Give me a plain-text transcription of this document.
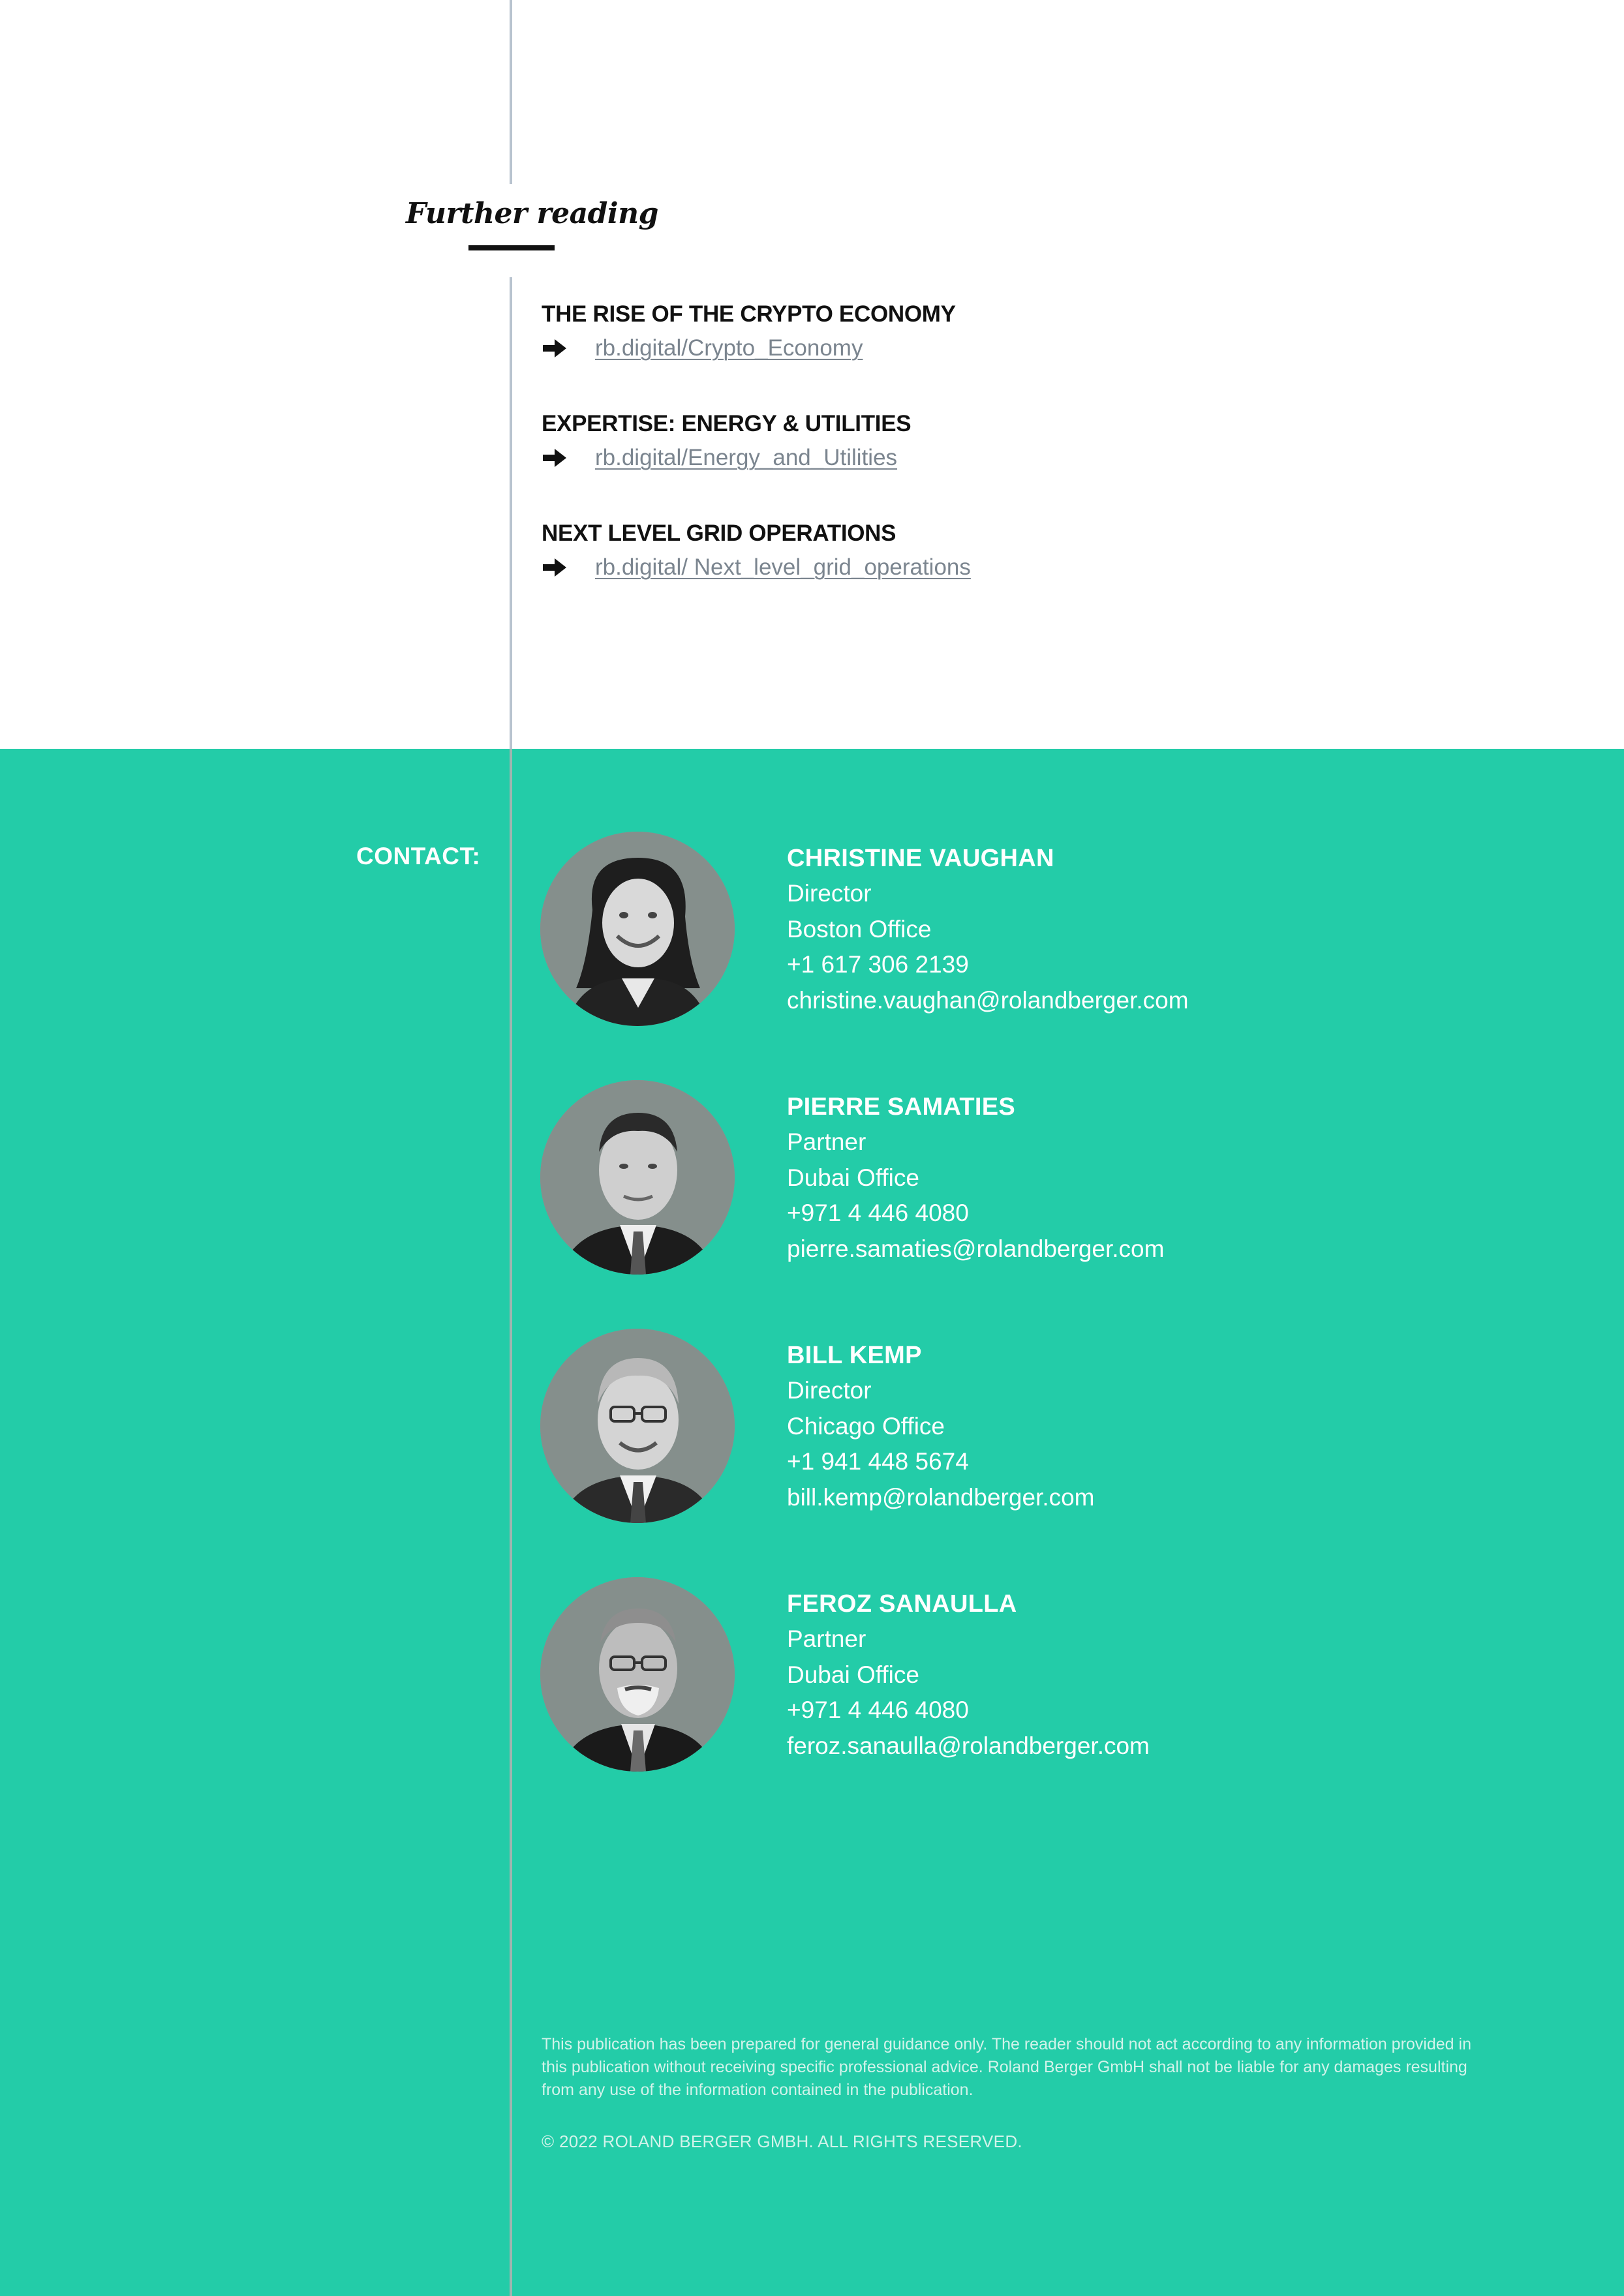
Further reading
THE RISE OF THE CRYPTO ECONOMY
rb.digital/Crypto_Economy
EXPERTISE: ENERGY & UTILITIES
rb.digital/Energy_and_Utilities
NEXT LEVEL GRID OPERATIONS
rb.digital/ Next_level_grid_operations
CONTACT:	CHRISTINE VAUGHAN
Director
Boston Office
+1 617 306 2139
christine.vaughan@rolandberger.com
PIERRE SAMATIES
Partner
Dubai Office
+971 4 446 4080
pierre.samaties@rolandberger.com
BILL KEMP
Director
Chicago Office
+1 941 448 5674
bill.kemp@rolandberger.com
FEROZ SANAULLA
Partner
Dubai Office
+971 4 446 4080
feroz.sanaulla@rolandberger.com
This publication has been prepared for general guidance only. The reader should not act according to any information provided in this publication without receiving specific professional advice. Roland Berger GmbH shall not be liable for any damages resulting from any use of the information contained in the publication.
© 2022 ROLAND BERGER GMBH. ALL RIGHTS RESERVED.
